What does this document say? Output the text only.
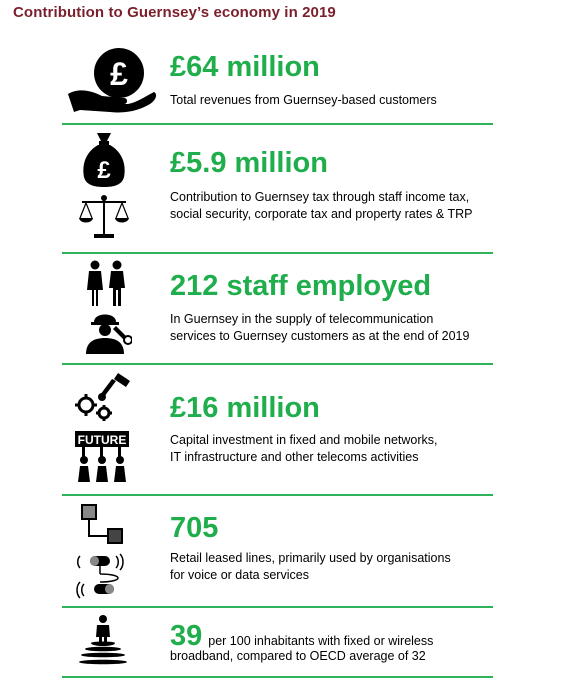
Contribution to Guernsey’s economy in 2019
£ £64 million
Total revenues from Guernsey-based customers
£ £5.9 million
Contribution to Guernsey tax through staff income tax,
social security, corporate tax and property rates & TRP
212 staff employed
In Guernsey in the supply of telecommunication
services to Guernsey customers as at the end of 2019
FUTURE
£16 million
Capital investment in fixed and mobile networks,
IT infrastructure and other telecoms activities
705
Retail leased lines, primarily used by organisations
for voice or data services
39 per 100 inhabitants with fixed or wireless
broadband, compared to OECD average of 32
